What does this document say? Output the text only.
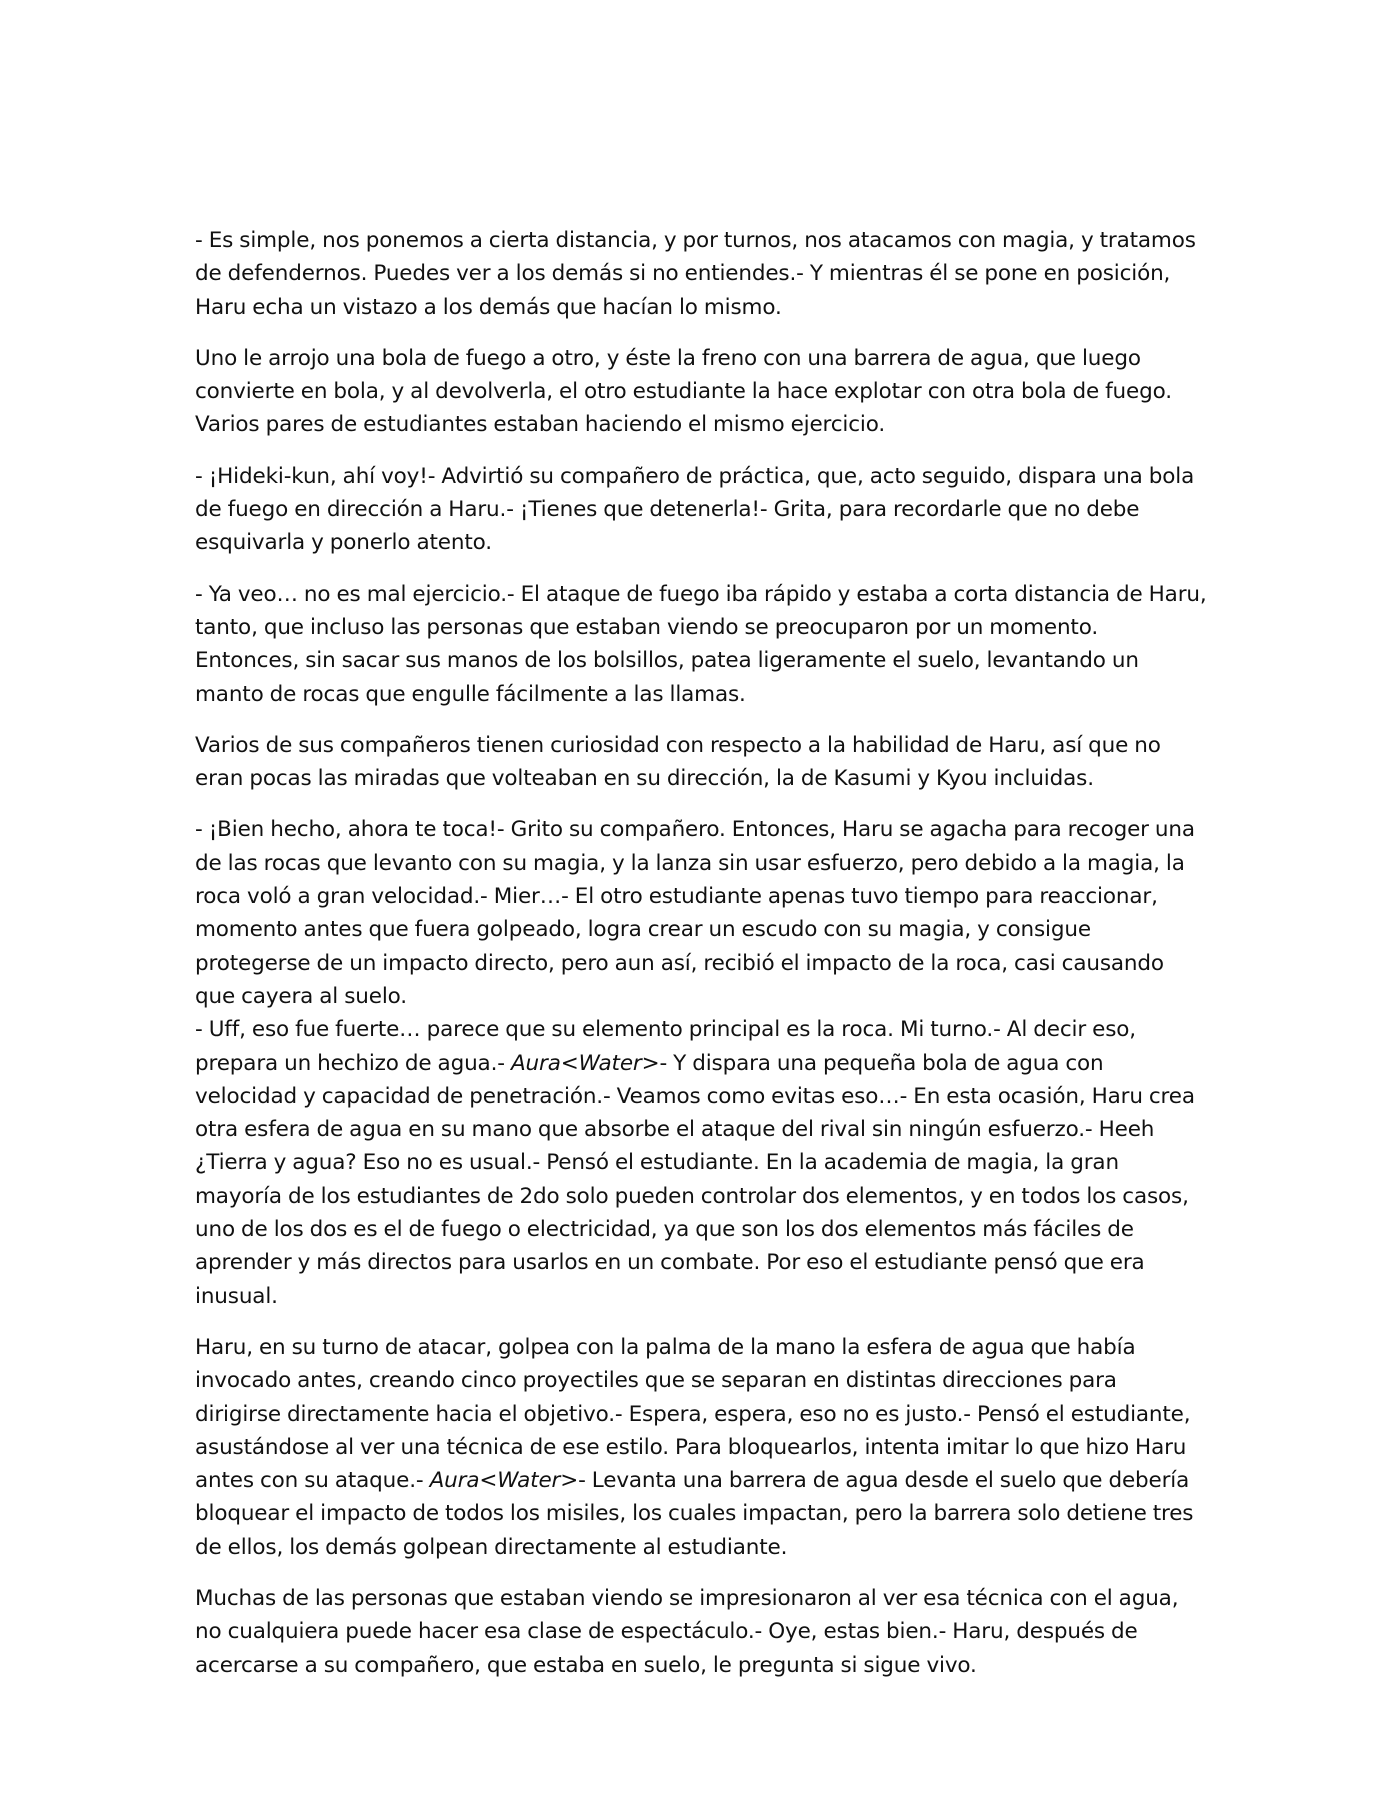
- Es simple, nos ponemos a cierta distancia, y por turnos, nos atacamos con magia, y tratamos de defendernos. Puedes ver a los demás si no entiendes.- Y mientras él se pone en posición, Haru echa un vistazo a los demás que hacían lo mismo.

Uno le arrojo una bola de fuego a otro, y éste la freno con una barrera de agua, que luego convierte en bola, y al devolverla, el otro estudiante la hace explotar con otra bola de fuego. Varios pares de estudiantes estaban haciendo el mismo ejercicio.

- ¡Hideki-kun, ahí voy!- Advirtió su compañero de práctica, que, acto seguido, dispara una bola de fuego en dirección a Haru.- ¡Tienes que detenerla!- Grita, para recordarle que no debe esquivarla y ponerlo atento.

- Ya veo… no es mal ejercicio.- El ataque de fuego iba rápido y estaba a corta distancia de Haru, tanto, que incluso las personas que estaban viendo se preocuparon por un momento. Entonces, sin sacar sus manos de los bolsillos, patea ligeramente el suelo, levantando un manto de rocas que engulle fácilmente a las llamas.

Varios de sus compañeros tienen curiosidad con respecto a la habilidad de Haru, así que no eran pocas las miradas que volteaban en su dirección, la de Kasumi y Kyou incluidas.

- ¡Bien hecho, ahora te toca!- Grito su compañero. Entonces, Haru se agacha para recoger una de las rocas que levanto con su magia, y la lanza sin usar esfuerzo, pero debido a la magia, la roca voló a gran velocidad.- Mier…- El otro estudiante apenas tuvo tiempo para reaccionar, momento antes que fuera golpeado, logra crear un escudo con su magia, y consigue protegerse de un impacto directo, pero aun así, recibió el impacto de la roca, casi causando que cayera al suelo.

- Uff, eso fue fuerte… parece que su elemento principal es la roca. Mi turno.- Al decir eso, prepara un hechizo de agua.- Aura<Water>- Y dispara una pequeña bola de agua con velocidad y capacidad de penetración.- Veamos como evitas eso…- En esta ocasión, Haru crea otra esfera de agua en su mano que absorbe el ataque del rival sin ningún esfuerzo.- Heeh ¿Tierra y agua? Eso no es usual.- Pensó el estudiante. En la academia de magia, la gran mayoría de los estudiantes de 2do solo pueden controlar dos elementos, y en todos los casos, uno de los dos es el de fuego o electricidad, ya que son los dos elementos más fáciles de aprender y más directos para usarlos en un combate. Por eso el estudiante pensó que era inusual.

Haru, en su turno de atacar, golpea con la palma de la mano la esfera de agua que había invocado antes, creando cinco proyectiles que se separan en distintas direcciones para dirigirse directamente hacia el objetivo.- Espera, espera, eso no es justo.- Pensó el estudiante, asustándose al ver una técnica de ese estilo. Para bloquearlos, intenta imitar lo que hizo Haru antes con su ataque.- Aura<Water>- Levanta una barrera de agua desde el suelo que debería bloquear el impacto de todos los misiles, los cuales impactan, pero la barrera solo detiene tres de ellos, los demás golpean directamente al estudiante.

Muchas de las personas que estaban viendo se impresionaron al ver esa técnica con el agua, no cualquiera puede hacer esa clase de espectáculo.- Oye, estas bien.- Haru, después de acercarse a su compañero, que estaba en suelo, le pregunta si sigue vivo.
